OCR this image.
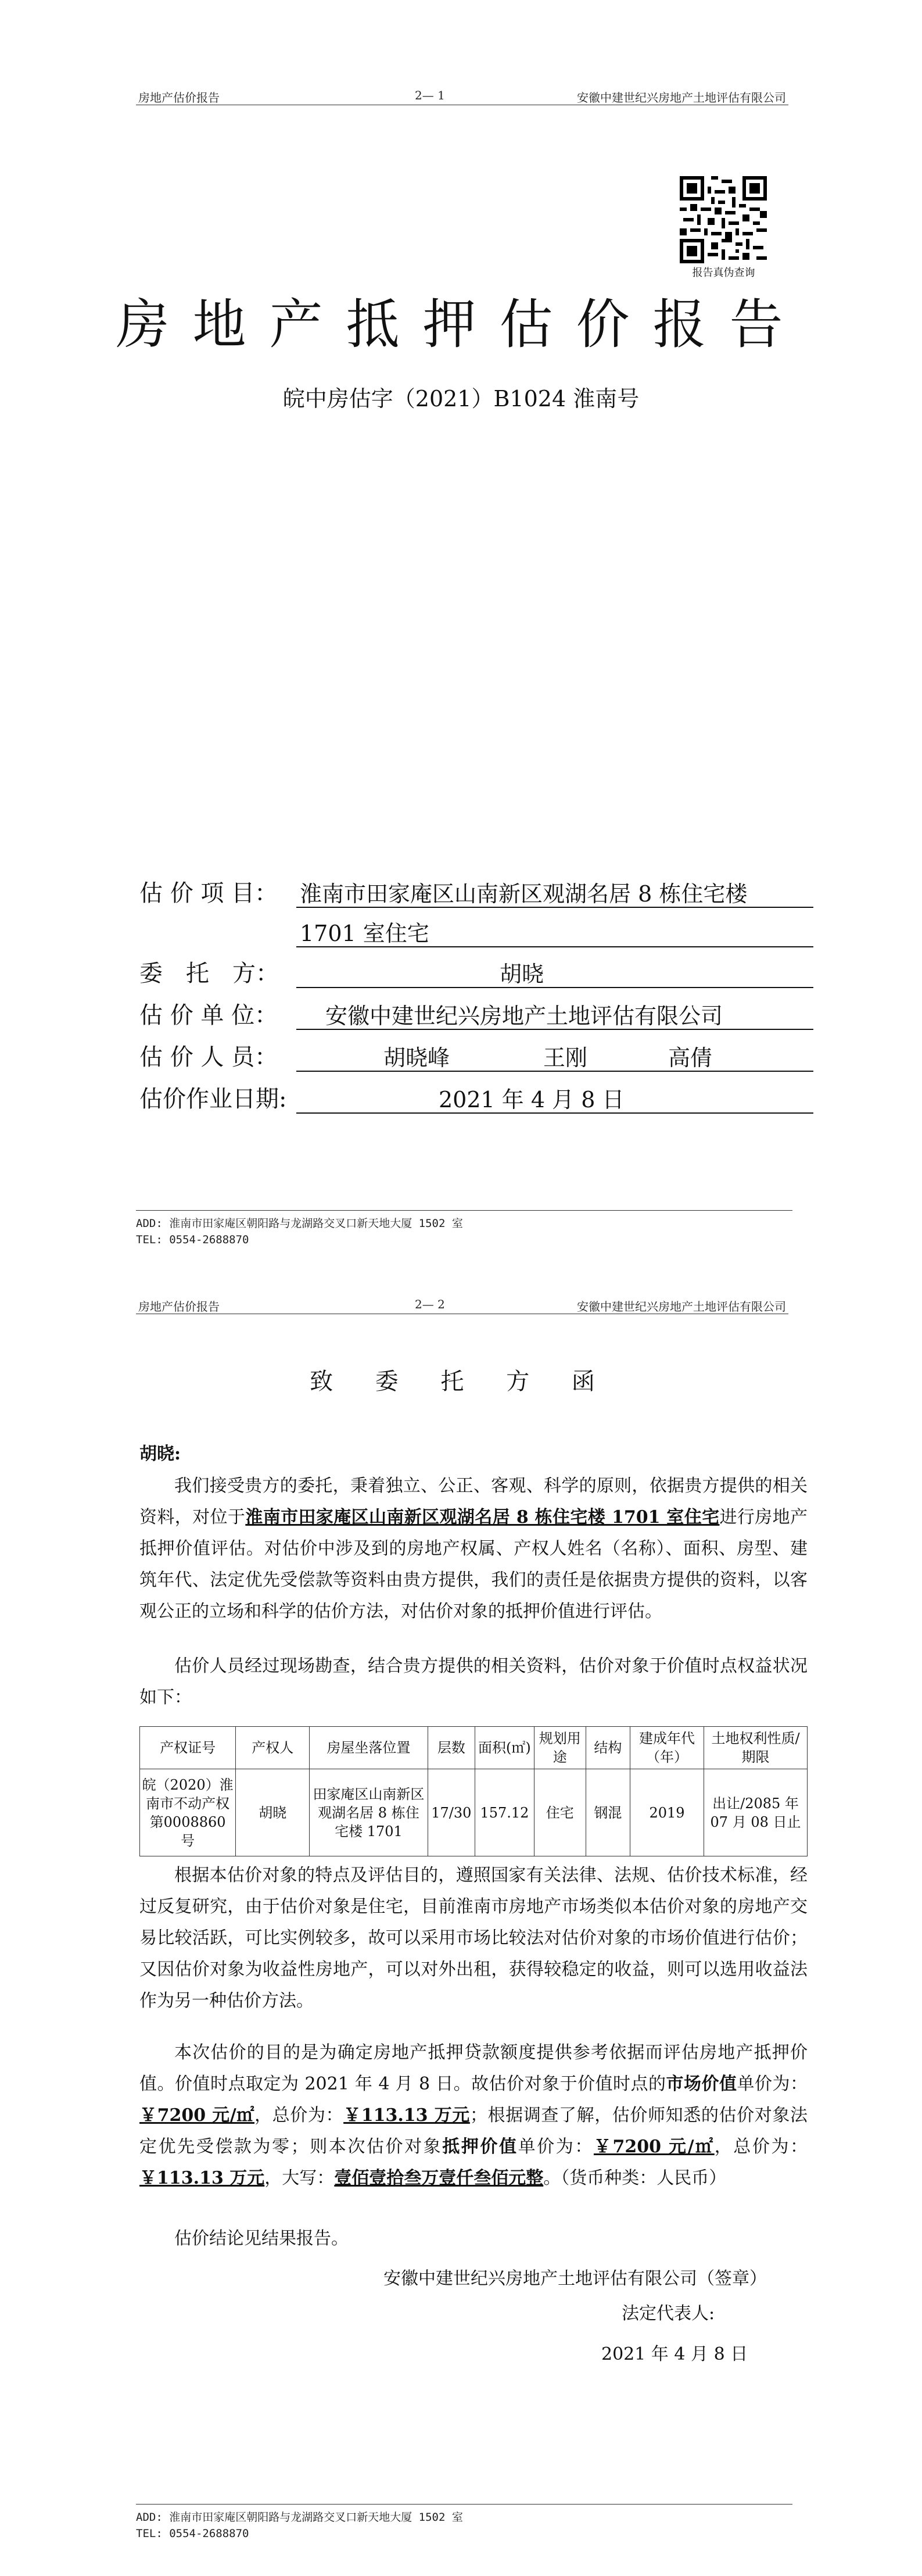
房地产估价报告	2— 1	安徽中建世纪兴房地产土地评估有限公司
报告真伪查询
房地产抵押估价报告
皖中房估字（2021）B1024 淮南号
估 价 项 目： 淮南市田家庵区山南新区观湖名居 8 栋住宅楼
1701 室住宅
委　托　方：	胡晓
估 价 单 位：	安徽中建世纪兴房地产土地评估有限公司
估 价 人 员：	胡晓峰	王刚	高倩
估价作业日期:	2021 年 4 月 8 日
ADD: 淮南市田家庵区朝阳路与龙湖路交叉口新天地大厦 1502 室
TEL: 0554-2688870
房地产估价报告	2— 2	安徽中建世纪兴房地产土地评估有限公司
致 委 托 方 函
胡晓:
我们接受贵方的委托，秉着独立、公正、客观、科学的原则，依据贵方提供的相关资料，对位于淮南市田家庵区山南新区观湖名居 8 栋住宅楼 1701 室住宅进行房地产抵押价值评估。对估价中涉及到的房地产权属、产权人姓名（名称）、面积、房型、建筑年代、法定优先受偿款等资料由贵方提供，我们的责任是依据贵方提供的资料，以客观公正的立场和科学的估价方法，对估价对象的抵押价值进行评估。
估价人员经过现场勘查，结合贵方提供的相关资料，估价对象于价值时点权益状况如下：
产权证号	产权人	房屋坐落位置	层数	面积(㎡)	规划用途	结构	建成年代（年）	土地权利性质/期限
皖（2020）淮南市不动产权第0008860 号	胡晓	田家庵区山南新区观湖名居 8 栋住宅楼 1701	17/30	157.12	住宅	钢混	2019	出让/2085 年 07 月 08 日止
根据本估价对象的特点及评估目的，遵照国家有关法律、法规、估价技术标准，经过反复研究，由于估价对象是住宅，目前淮南市房地产市场类似本估价对象的房地产交易比较活跃，可比实例较多，故可以采用市场比较法对估价对象的市场价值进行估价；又因估价对象为收益性房地产，可以对外出租，获得较稳定的收益，则可以选用收益法作为另一种估价方法。
本次估价的目的是为确定房地产抵押贷款额度提供参考依据而评估房地产抵押价值。价值时点取定为 2021 年 4 月 8 日。故估价对象于价值时点的市场价值单价为：￥7200 元/㎡，总价为：￥113.13 万元；根据调查了解，估价师知悉的估价对象法定优先受偿款为零；则本次估价对象抵押价值单价为：￥7200 元/㎡，总价为：￥113.13 万元，大写：壹佰壹拾叁万壹仟叁佰元整。（货币种类：人民币）
估价结论见结果报告。
安徽中建世纪兴房地产土地评估有限公司（签章）
法定代表人:
2021 年 4 月 8 日
ADD: 淮南市田家庵区朝阳路与龙湖路交叉口新天地大厦 1502 室
TEL: 0554-2688870
